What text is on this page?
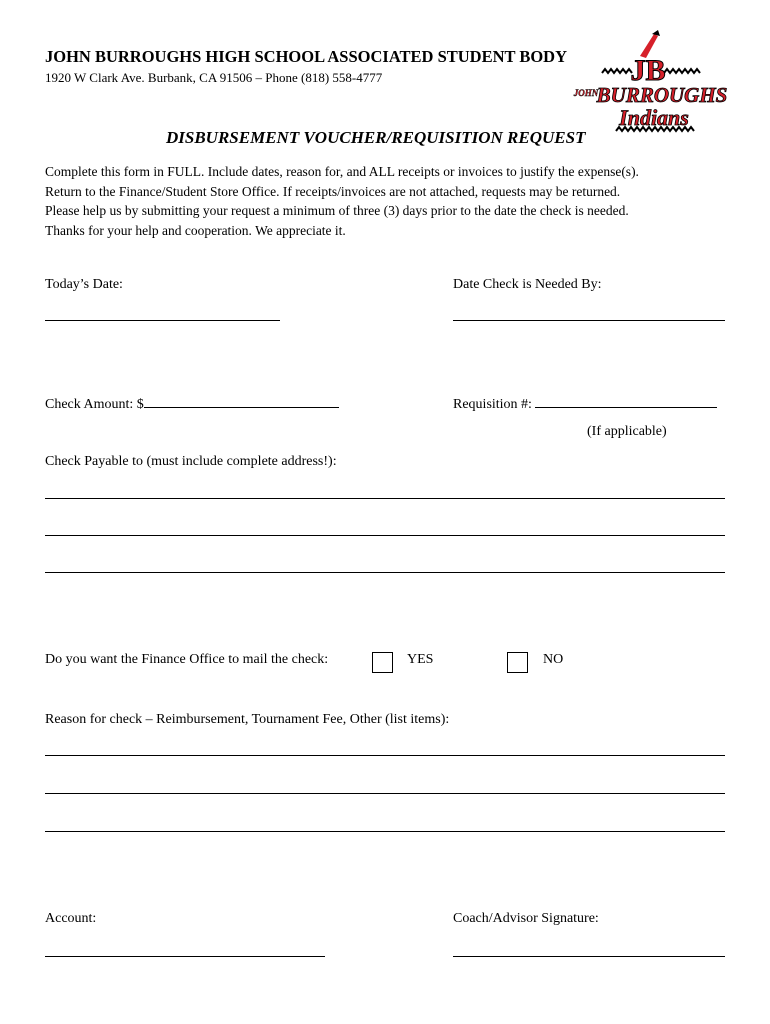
JOHN BURROUGHS HIGH SCHOOL ASSOCIATED STUDENT BODY
1920 W Clark Ave. Burbank, CA 91506 – Phone (818) 558-4777	JB
JOHN
BURROUGHS
Indians
DISBURSEMENT VOUCHER/REQUISITION REQUEST
Complete this form in FULL. Include dates, reason for, and ALL receipts or invoices to justify the expense(s).
Return to the Finance/Student Store Office. If receipts/invoices are not attached, requests may be returned.
Please help us by submitting your request a minimum of three (3) days prior to the date the check is needed.
Thanks for your help and cooperation. We appreciate it.
Today’s Date:	Date Check is Needed By:
Check Amount: $	Requisition #:
(If applicable)
Check Payable to (must include complete address!):
Do you want the Finance Office to mail the check:	YES	NO
Reason for check – Reimbursement, Tournament Fee, Other (list items):
Account:	Coach/Advisor Signature:
